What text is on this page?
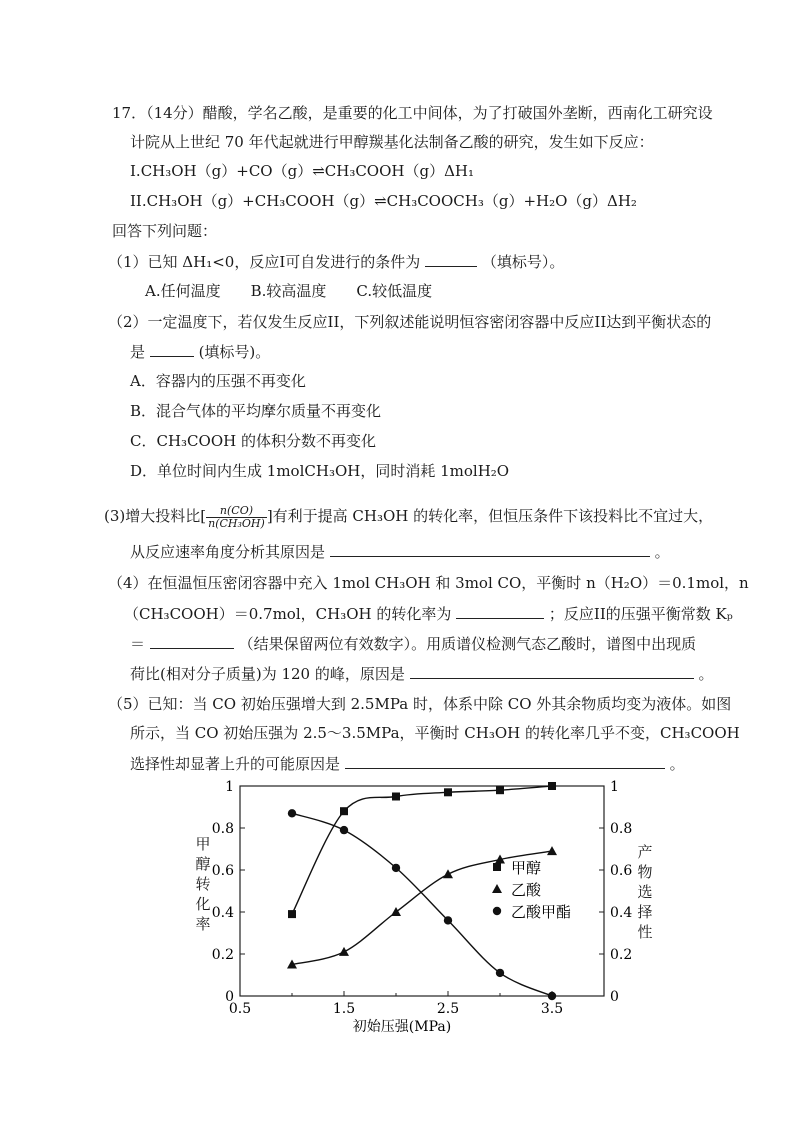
17．（14分）醋酸，学名乙酸，是重要的化工中间体，为了打破国外垄断，西南化工研究设
计院从上世纪 70 年代起就进行甲醇羰基化法制备乙酸的研究，发生如下反应：
I.CH₃OH（g）+CO（g）⇌CH₃COOH（g）ΔH₁
II.CH₃OH（g）+CH₃COOH（g）⇌CH₃COOCH₃（g）+H₂O（g）ΔH₂
回答下列问题：
（1）已知 ΔH₁<0，反应I可自发进行的条件为	（填标号）。
A.任何温度　　B.较高温度　　C.较低温度
（2）一定温度下，若仅发生反应II，下列叙述能说明恒容密闭容器中反应II达到平衡状态的
是	(填标号)。
A．容器内的压强不再变化
B．混合气体的平均摩尔质量不再变化
C．CH₃COOH 的体积分数不再变化
D．单位时间内生成 1molCH₃OH，同时消耗 1molH₂O
(3)增大投料比[ $\frac{n(CO)}{\text{n(CH₃OH)}}$ ]有利于提高 CH₃OH 的转化率，但恒压条件下该投料比不宜过大，
从反应速率角度分析其原因是	。
（4）在恒温恒压密闭容器中充入 1mol CH₃OH 和 3mol CO，平衡时 n（H₂O）＝0.1mol，n
（CH₃COOH）＝0.7mol，CH₃OH 的转化率为	；反应II的压强平衡常数 Kₚ
＝	（结果保留两位有效数字）。用质谱仪检测气态乙酸时，谱图中出现质
荷比(相对分子质量)为 120 的峰，原因是	。
（5）已知：当 CO 初始压强增大到 2.5MPa 时，体系中除 CO 外其余物质均变为液体。如图
所示，当 CO 初始压强为 2.5～3.5MPa，平衡时 CH₃OH 的转化率几乎不变，CH₃COOH
选择性却显著上升的可能原因是	。
甲醇转化率
产物选择性
0.5	1.5	2.5	3.5
0
0.2
0.4
0.6
0.8
1
0
0.2
0.4
0.6
0.8
1
甲醇
乙酸
乙酸甲酯
初始压强(MPa)
